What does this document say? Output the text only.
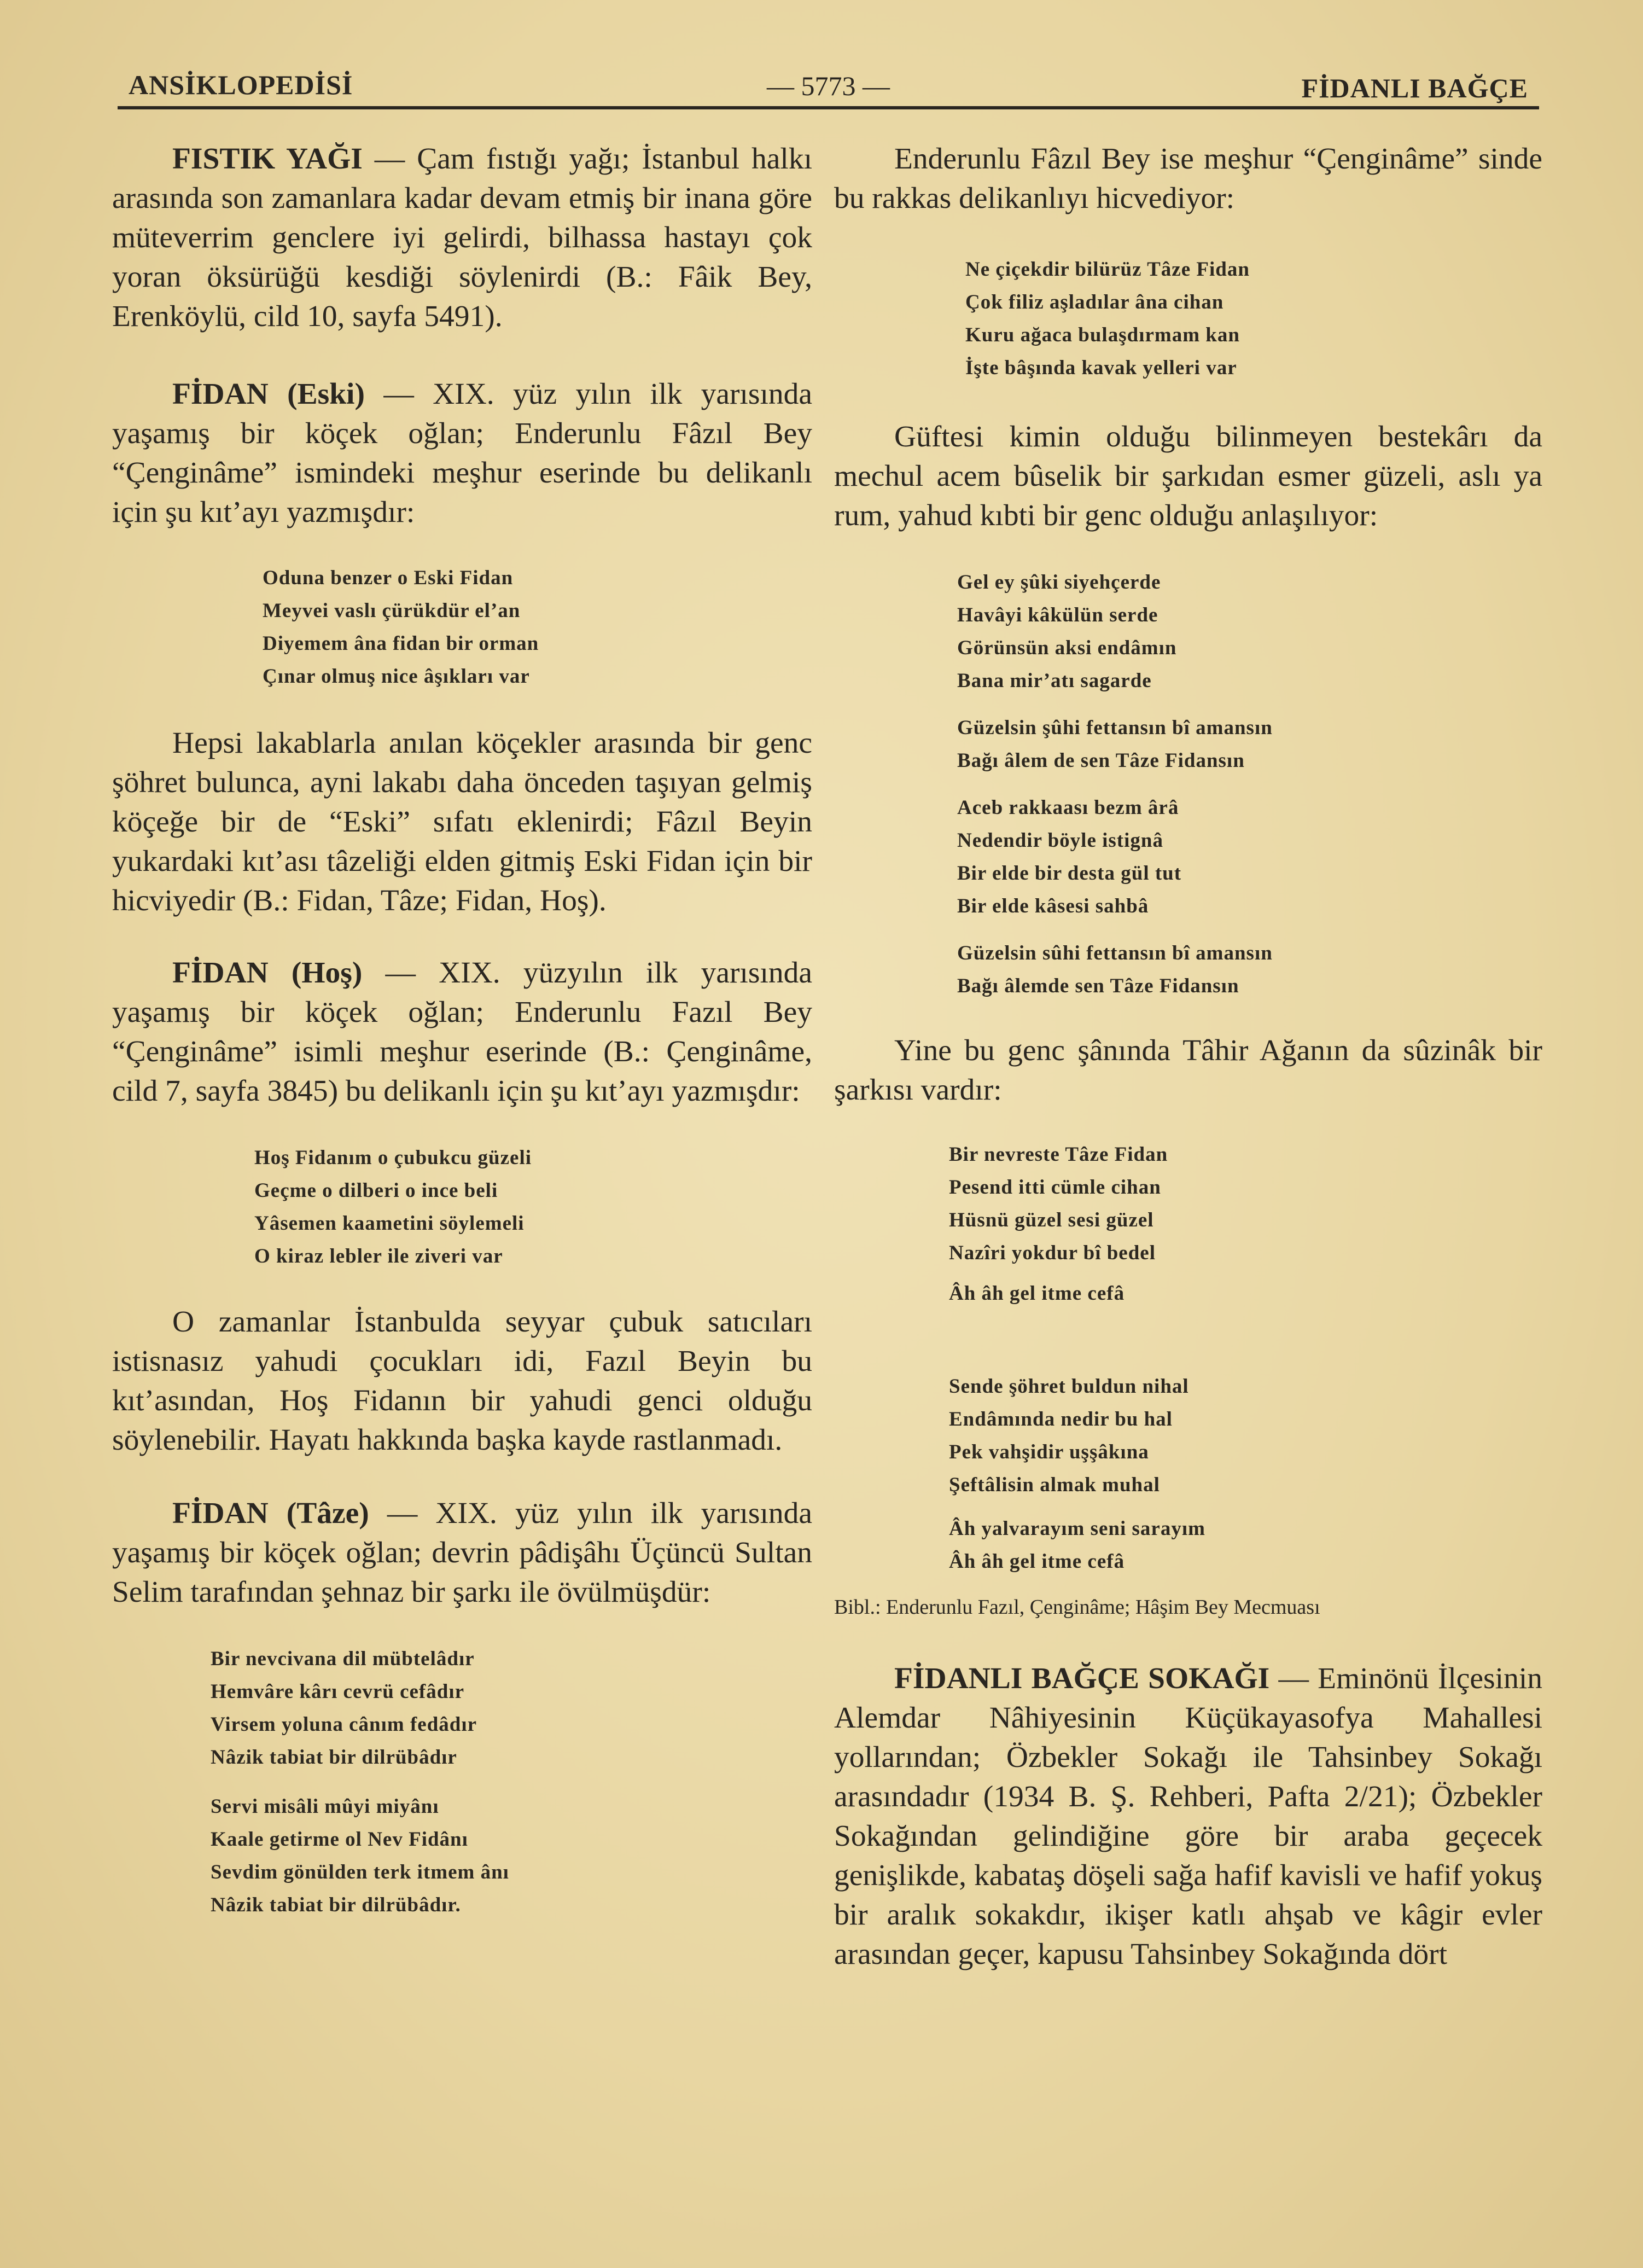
ANSİKLOPEDİSİ	— 5773 —	FİDANLI BAĞÇE

FISTIK YAĞI — Çam fıstığı yağı; İstanbul halkı arasında son zamanlara kadar devam etmiş bir inana göre müteverrim genclere iyi gelirdi, bilhassa hastayı çok yoran öksürüğü kesdiği söylenirdi (B.: Fâik Bey, Erenköylü, cild 10, sayfa 5491).

FİDAN (Eski) — XIX. yüz yılın ilk yarısında yaşamış bir köçek oğlan; Enderunlu Fâzıl Bey “Çenginâme” ismindeki meşhur eserinde bu delikanlı için şu kıt’ayı yazmışdır:

Oduna benzer o Eski Fidan
Meyvei vaslı çürükdür el’an
Diyemem âna fidan bir orman
Çınar olmuş nice âşıkları var

Hepsi lakablarla anılan köçekler arasında bir genc şöhret bulunca, ayni lakabı daha önceden taşıyan gelmiş köçeğe bir de “Eski” sıfatı eklenirdi; Fâzıl Beyin yukardaki kıt’ası tâzeliği elden gitmiş Eski Fidan için bir hicviyedir (B.: Fidan, Tâze; Fidan, Hoş).

FİDAN (Hoş) — XIX. yüzyılın ilk yarısında yaşamış bir köçek oğlan; Enderunlu Fazıl Bey “Çenginâme” isimli meşhur eserinde (B.: Çenginâme, cild 7, sayfa 3845) bu delikanlı için şu kıt’ayı yazmışdır:

Hoş Fidanım o çubukcu güzeli
Geçme o dilberi o ince beli
Yâsemen kaametini söylemeli
O kiraz lebler ile ziveri var

O zamanlar İstanbulda seyyar çubuk satıcıları istisnasız yahudi çocukları idi, Fazıl Beyin bu kıt’asından, Hoş Fidanın bir yahudi genci olduğu söylenebilir. Hayatı hakkında başka kayde rastlanmadı.

FİDAN (Tâze) — XIX. yüz yılın ilk yarısında yaşamış bir köçek oğlan; devrin pâdişâhı Üçüncü Sultan Selim tarafından şehnaz bir şarkı ile övülmüşdür:

Bir nevcivana dil mübtelâdır
Hemvâre kârı cevrü cefâdır
Virsem yoluna cânım fedâdır
Nâzik tabiat bir dilrübâdır
Servi misâli mûyi miyânı
Kaale getirme ol Nev Fidânı
Sevdim gönülden terk itmem ânı
Nâzik tabiat bir dilrübâdır.

Enderunlu Fâzıl Bey ise meşhur “Çenginâme” sinde bu rakkas delikanlıyı hicvediyor:

Ne çiçekdir bilürüz Tâze Fidan
Çok filiz aşladılar âna cihan
Kuru ağaca bulaşdırmam kan
İşte bâşında kavak yelleri var

Güftesi kimin olduğu bilinmeyen bestekârı da mechul acem bûselik bir şarkıdan esmer güzeli, aslı ya rum, yahud kıbti bir genc olduğu anlaşılıyor:

Gel ey şûki siyehçerde
Havâyi kâkülün serde
Görünsün aksi endâmın
Bana mir’atı sagarde
Güzelsin şûhi fettansın bî amansın
Bağı âlem de sen Tâze Fidansın
Aceb rakkaası bezm ârâ
Nedendir böyle istignâ
Bir elde bir desta gül tut
Bir elde kâsesi sahbâ
Güzelsin sûhi fettansın bî amansın
Bağı âlemde sen Tâze Fidansın

Yine bu genc şânında Tâhir Ağanın da sûzinâk bir şarkısı vardır:

Bir nevreste Tâze Fidan
Pesend itti cümle cihan
Hüsnü güzel sesi güzel
Nazîri yokdur bî bedel
Âh âh gel itme cefâ
Sende şöhret buldun nihal
Endâmında nedir bu hal
Pek vahşidir uşşâkına
Şeftâlisin almak muhal
Âh yalvarayım seni sarayım
Âh âh gel itme cefâ

Bibl.: Enderunlu Fazıl, Çenginâme; Hâşim Bey Mecmuası

FİDANLI BAĞÇE SOKAĞI — Eminönü İlçesinin Alemdar Nâhiyesinin Küçükayasofya Mahallesi yollarından; Özbekler Sokağı ile Tahsinbey Sokağı arasındadır (1934 B. Ş. Rehberi, Pafta 2/21); Özbekler Sokağından gelindiğine göre bir araba geçecek genişlikde, kabataş döşeli sağa hafif kavisli ve hafif yokuş bir aralık sokakdır, ikişer katlı ahşab ve kâgir evler arasından geçer, kapusu Tahsinbey Sokağında dört
